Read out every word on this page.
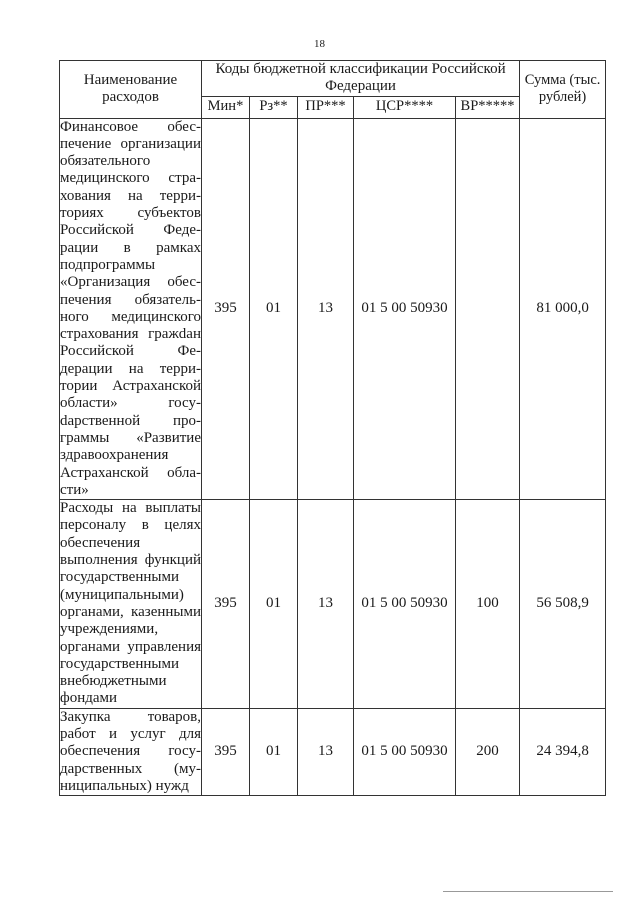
18
Наименование расходов	Коды бюджетной классификации Российской Федерации					Сумма (тыс. рублей)
	Мин*	Рз**	ПР***	ЦСР****	ВР*****	
Финансовое обеспечение организации обязательного медицинского страхования на территориях субъектов Российской Федерации в рамках подпрограммы «Организация обеспечения обязательного медицинского страхования гражdан Российской Федерации на территории Астраханской области» госуdарственной программы «Развитие здравоохранения Астраханской области»	395	01	13	01 5 00 50930		81 000,0
Расходы на выплаты персоналу в целях обеспечения выполнения функций государственными (муниципальными) органами, казенными учреждениями, органами управления государственными внебюджетными фондами	395	01	13	01 5 00 50930	100	56 508,9
Закупка товаров, работ и услуг для обеспечения государственных (муниципальных) нужд	395	01	13	01 5 00 50930	200	24 394,8
